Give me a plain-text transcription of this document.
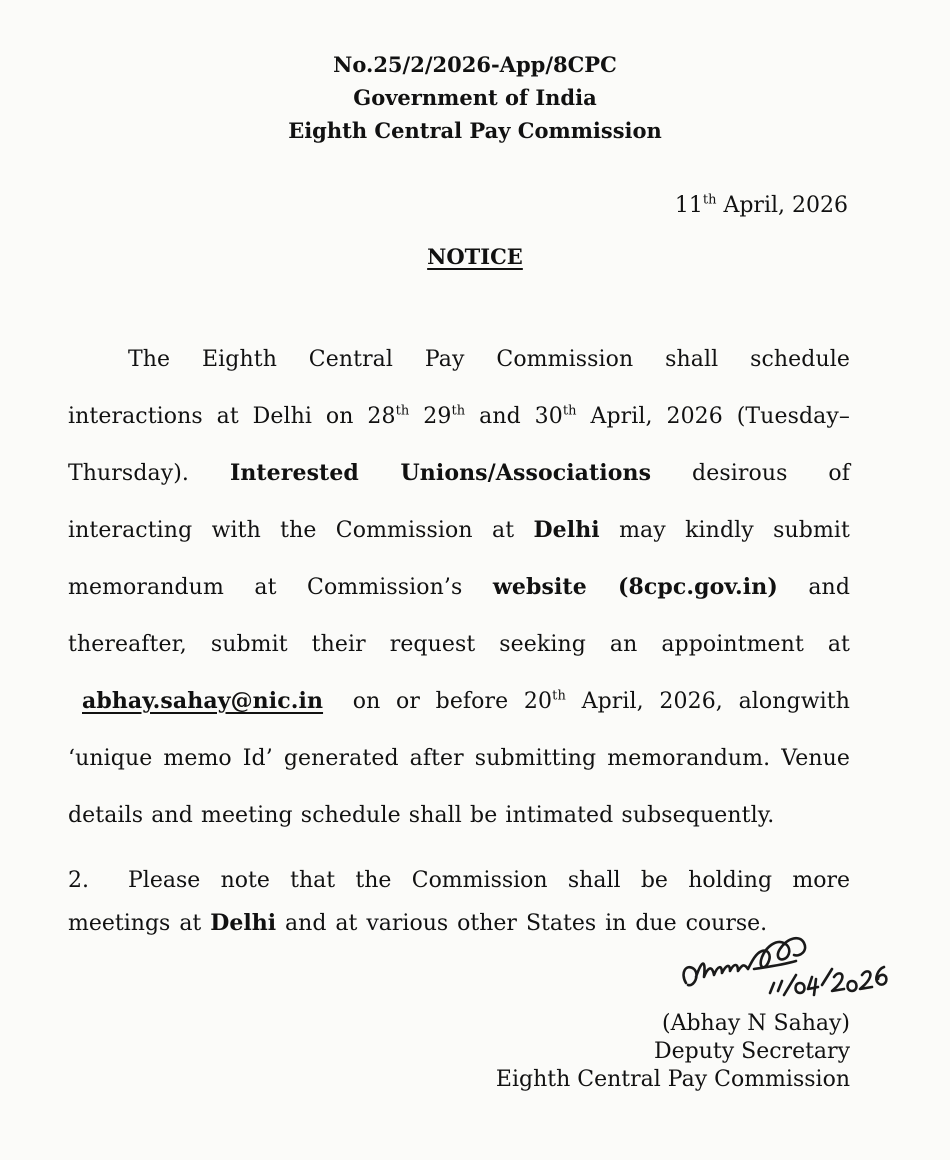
No.25/2/2026-App/8CPC
Government of India
Eighth Central Pay Commission
11th April, 2026
NOTICE
The Eighth Central Pay Commission shall schedule interactions at Delhi on 28th 29th and 30th April, 2026 (Tuesday–Thursday). Interested Unions/Associations desirous of interacting with the Commission at Delhi may kindly submit memorandum at Commission’s website (8cpc.gov.in) and thereafter, submit their request seeking an appointment at abhay.sahay@nic.in on or before 20th April, 2026, alongwith ‘unique memo Id’ generated after submitting memorandum. Venue details and meeting schedule shall be intimated subsequently.
2. Please note that the Commission shall be holding more meetings at Delhi and at various other States in due course.
(Abhay N Sahay)
Deputy Secretary
Eighth Central Pay Commission
